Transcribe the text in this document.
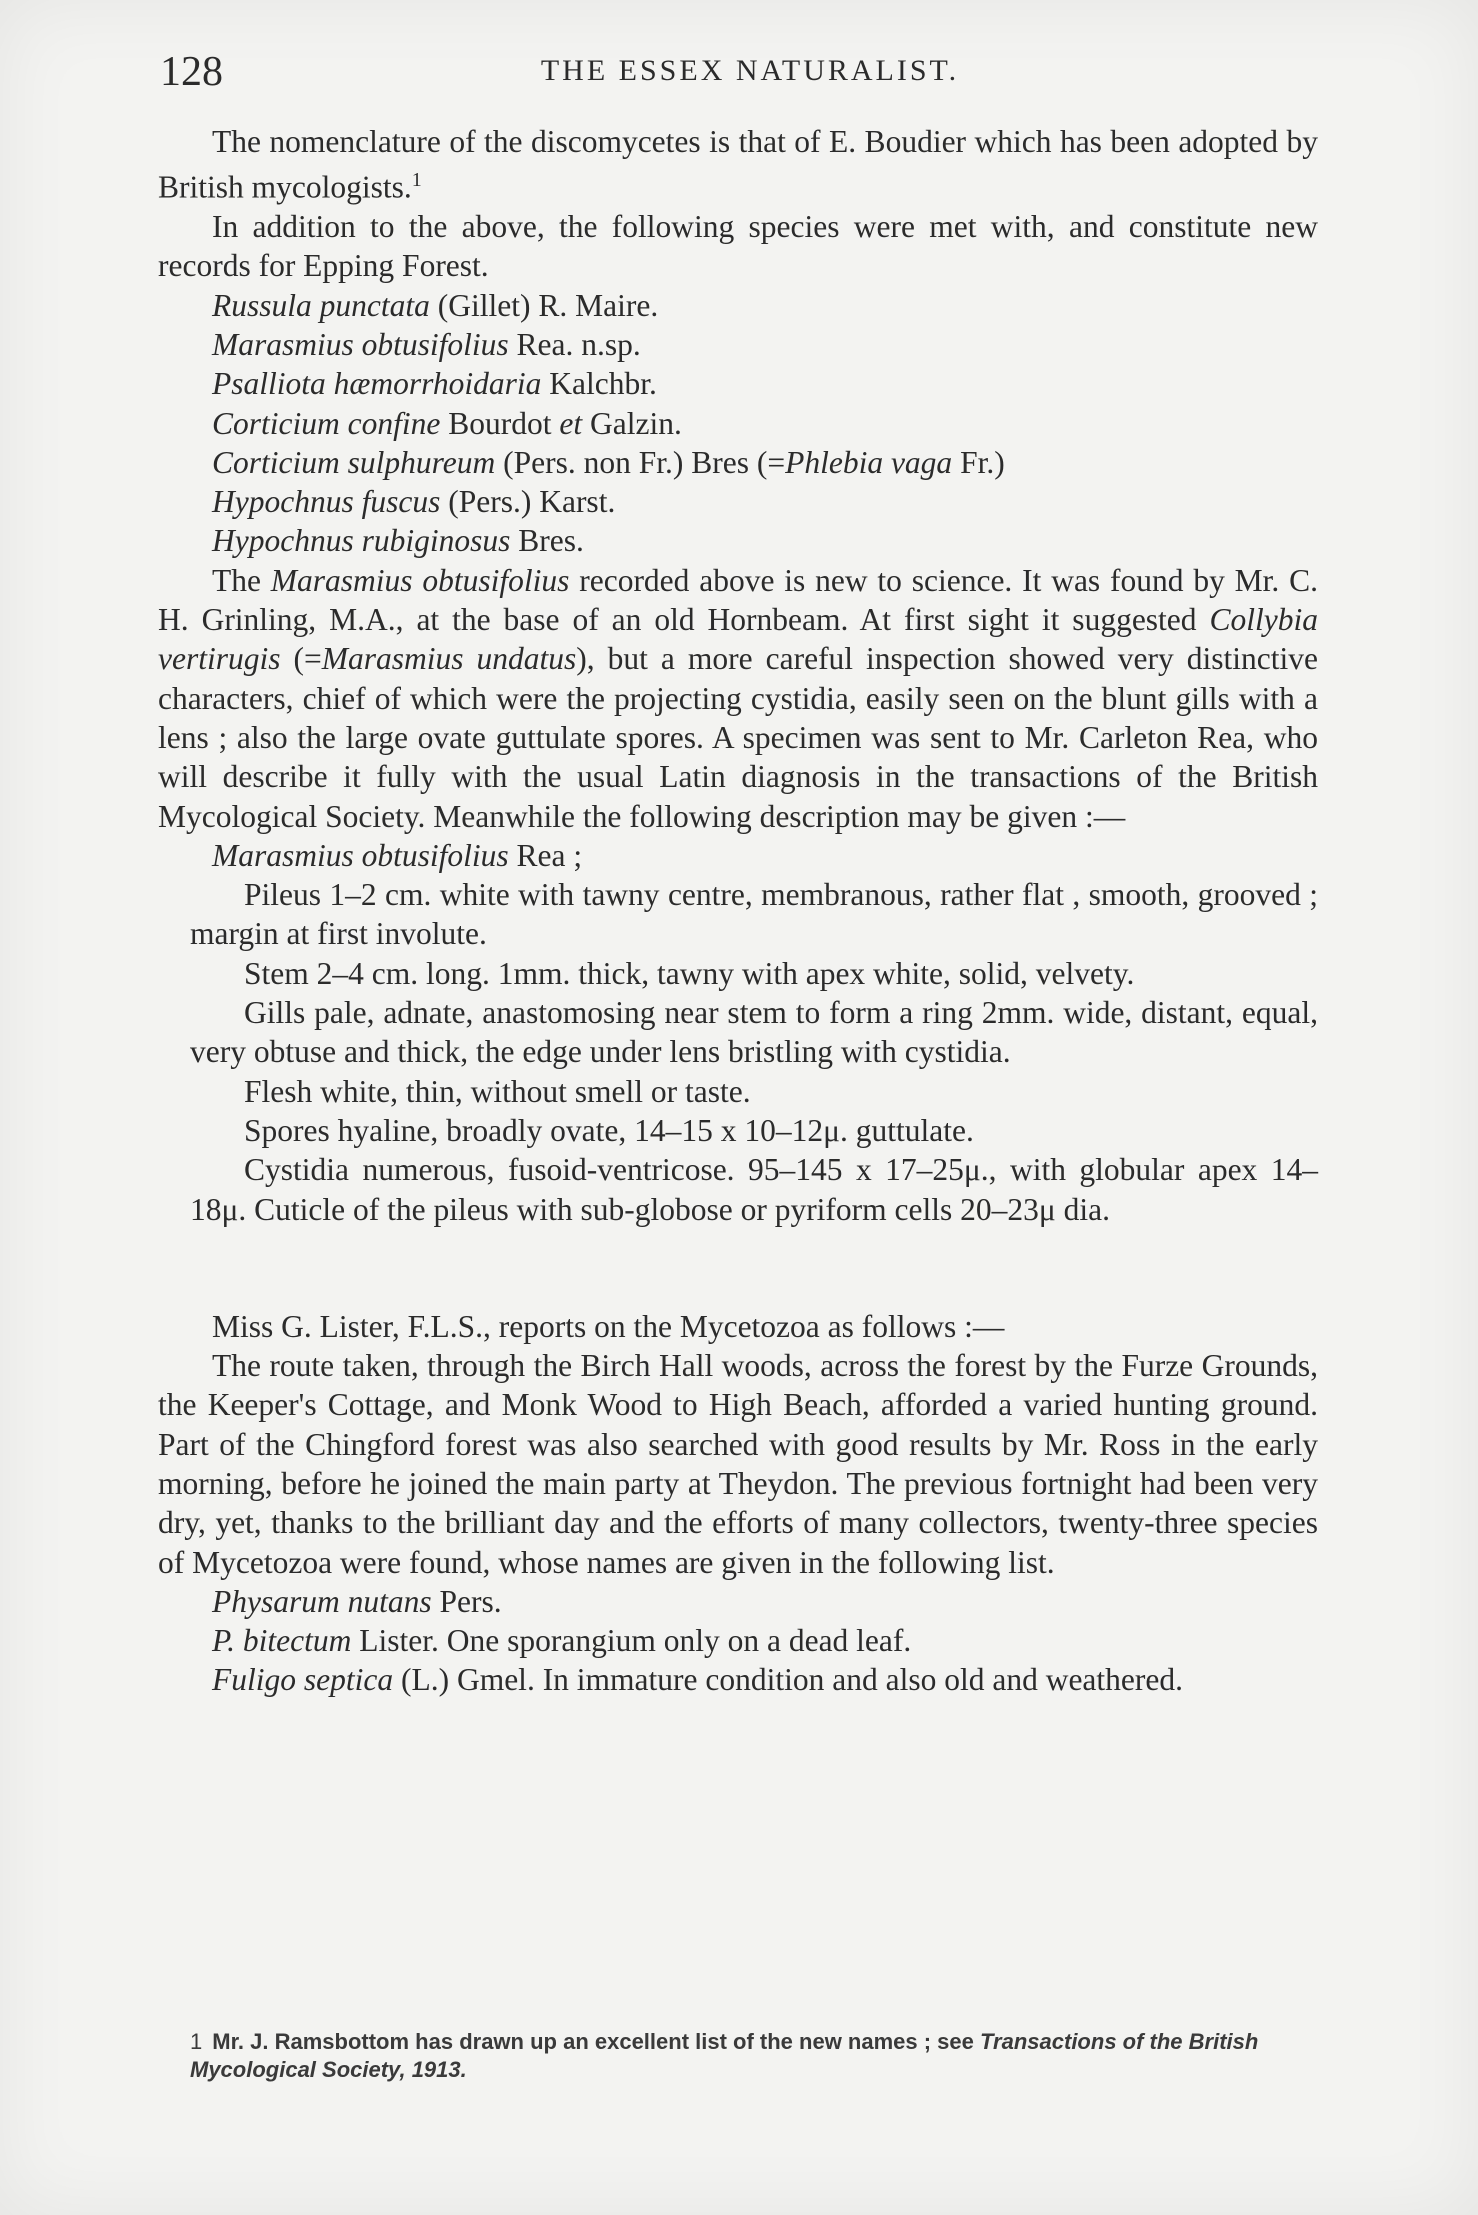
128	THE ESSEX NATURALIST.

The nomenclature of the discomycetes is that of E. Boudier which has been adopted by British mycologists.$^1$

In addition to the above, the following species were met with, and constitute new records for Epping Forest.

Russula punctata (Gillet) R. Maire.

Marasmius obtusifolius Rea. n.sp.

Psalliota hæmorrhoidaria Kalchbr.

Corticium confine Bourdot et Galzin.

Corticium sulphureum (Pers. non Fr.) Bres (=Phlebia vaga Fr.)

Hypochnus fuscus (Pers.) Karst.

Hypochnus rubiginosus Bres.

The Marasmius obtusifolius recorded above is new to science. It was found by Mr. C. H. Grinling, M.A., at the base of an old Hornbeam. At first sight it suggested Collybia vertirugis (=Marasmius undatus), but a more careful inspection showed very distinctive characters, chief of which were the projecting cystidia, easily seen on the blunt gills with a lens ; also the large ovate guttulate spores. A specimen was sent to Mr. Carleton Rea, who will describe it fully with the usual Latin diagnosis in the transactions of the British Mycological Society. Meanwhile the following description may be given :—

Marasmius obtusifolius Rea ;

Pileus 1–2 cm. white with tawny centre, membranous, rather flat , smooth, grooved ; margin at first involute.

Stem 2–4 cm. long. 1mm. thick, tawny with apex white, solid, velvety.

Gills pale, adnate, anastomosing near stem to form a ring 2mm. wide, distant, equal, very obtuse and thick, the edge under lens bristling with cystidia.

Flesh white, thin, without smell or taste.

Spores hyaline, broadly ovate, 14–15 x 10–12μ. guttulate.

Cystidia numerous, fusoid-ventricose. 95–145 x 17–25μ., with globular apex 14–18μ. Cuticle of the pileus with sub-globose or pyriform cells 20–23μ dia.

Miss G. Lister, F.L.S., reports on the Mycetozoa as follows :—

The route taken, through the Birch Hall woods, across the forest by the Furze Grounds, the Keeper's Cottage, and Monk Wood to High Beach, afforded a varied hunting ground. Part of the Chingford forest was also searched with good results by Mr. Ross in the early morning, before he joined the main party at Theydon. The previous fortnight had been very dry, yet, thanks to the brilliant day and the efforts of many collectors, twenty-three species of Mycetozoa were found, whose names are given in the following list.

Physarum nutans Pers.

P. bitectum Lister. One sporangium only on a dead leaf.

Fuligo septica (L.) Gmel. In immature condition and also old and weathered.

1 Mr. J. Ramsbottom has drawn up an excellent list of the new names ; see Transactions of the British Mycological Society, 1913.
